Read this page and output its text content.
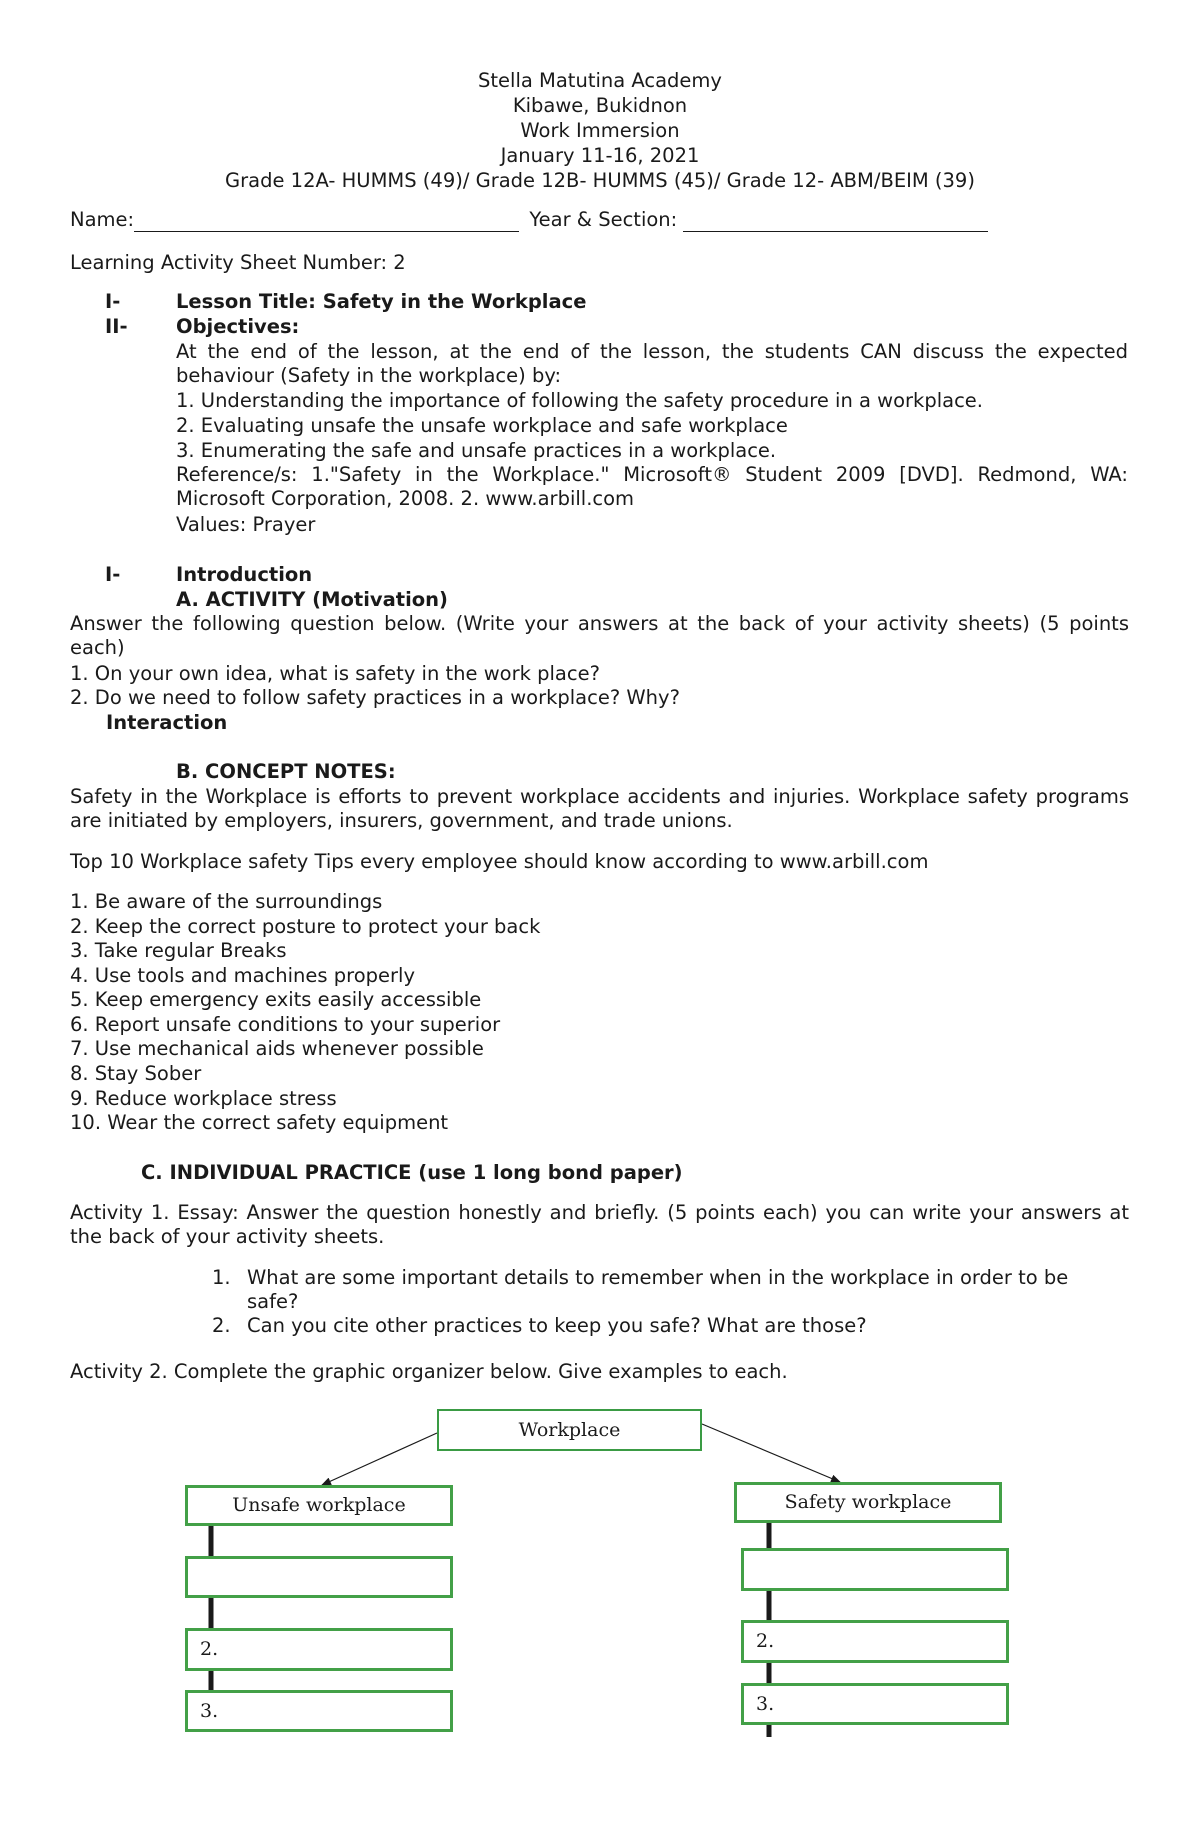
Stella Matutina Academy
Kibawe, Bukidnon
Work Immersion
January 11-16, 2021
Grade 12A- HUMMS (49)/ Grade 12B- HUMMS (45)/ Grade 12- ABM/BEIM (39)
Name:	Year & Section:
Learning Activity Sheet Number: 2
I-	Lesson Title: Safety in the Workplace
II- Objectives:
At the end of the lesson, at the end of the lesson, the students CAN discuss the expected behaviour (Safety in the workplace) by:
1. Understanding the importance of following the safety procedure in a workplace.
2. Evaluating unsafe the unsafe workplace and safe workplace
3. Enumerating the safe and unsafe practices in a workplace.
Reference/s: 1."Safety in the Workplace." Microsoft® Student 2009 [DVD]. Redmond, WA: Microsoft Corporation, 2008. 2. www.arbill.com
Values: Prayer
I-	Introduction
A. ACTIVITY (Motivation)
Answer the following question below. (Write your answers at the back of your activity sheets) (5 points each)
1. On your own idea, what is safety in the work place?
2. Do we need to follow safety practices in a workplace? Why?
Interaction
B. CONCEPT NOTES:
Safety in the Workplace is efforts to prevent workplace accidents and injuries. Workplace safety programs are initiated by employers, insurers, government, and trade unions.
Top 10 Workplace safety Tips every employee should know according to www.arbill.com
1. Be aware of the surroundings
2. Keep the correct posture to protect your back
3. Take regular Breaks
4. Use tools and machines properly
5. Keep emergency exits easily accessible
6. Report unsafe conditions to your superior
7. Use mechanical aids whenever possible
8. Stay Sober
9. Reduce workplace stress
10. Wear the correct safety equipment
C. INDIVIDUAL PRACTICE (use 1 long bond paper)
Activity 1. Essay: Answer the question honestly and briefly. (5 points each) you can write your answers at the back of your activity sheets.
1. What are some important details to remember when in the workplace in order to be safe?
2. Can you cite other practices to keep you safe? What are those?
Activity 2. Complete the graphic organizer below. Give examples to each.
Workplace
Unsafe workplace
2.
3.
Safety workplace
2.
3.
